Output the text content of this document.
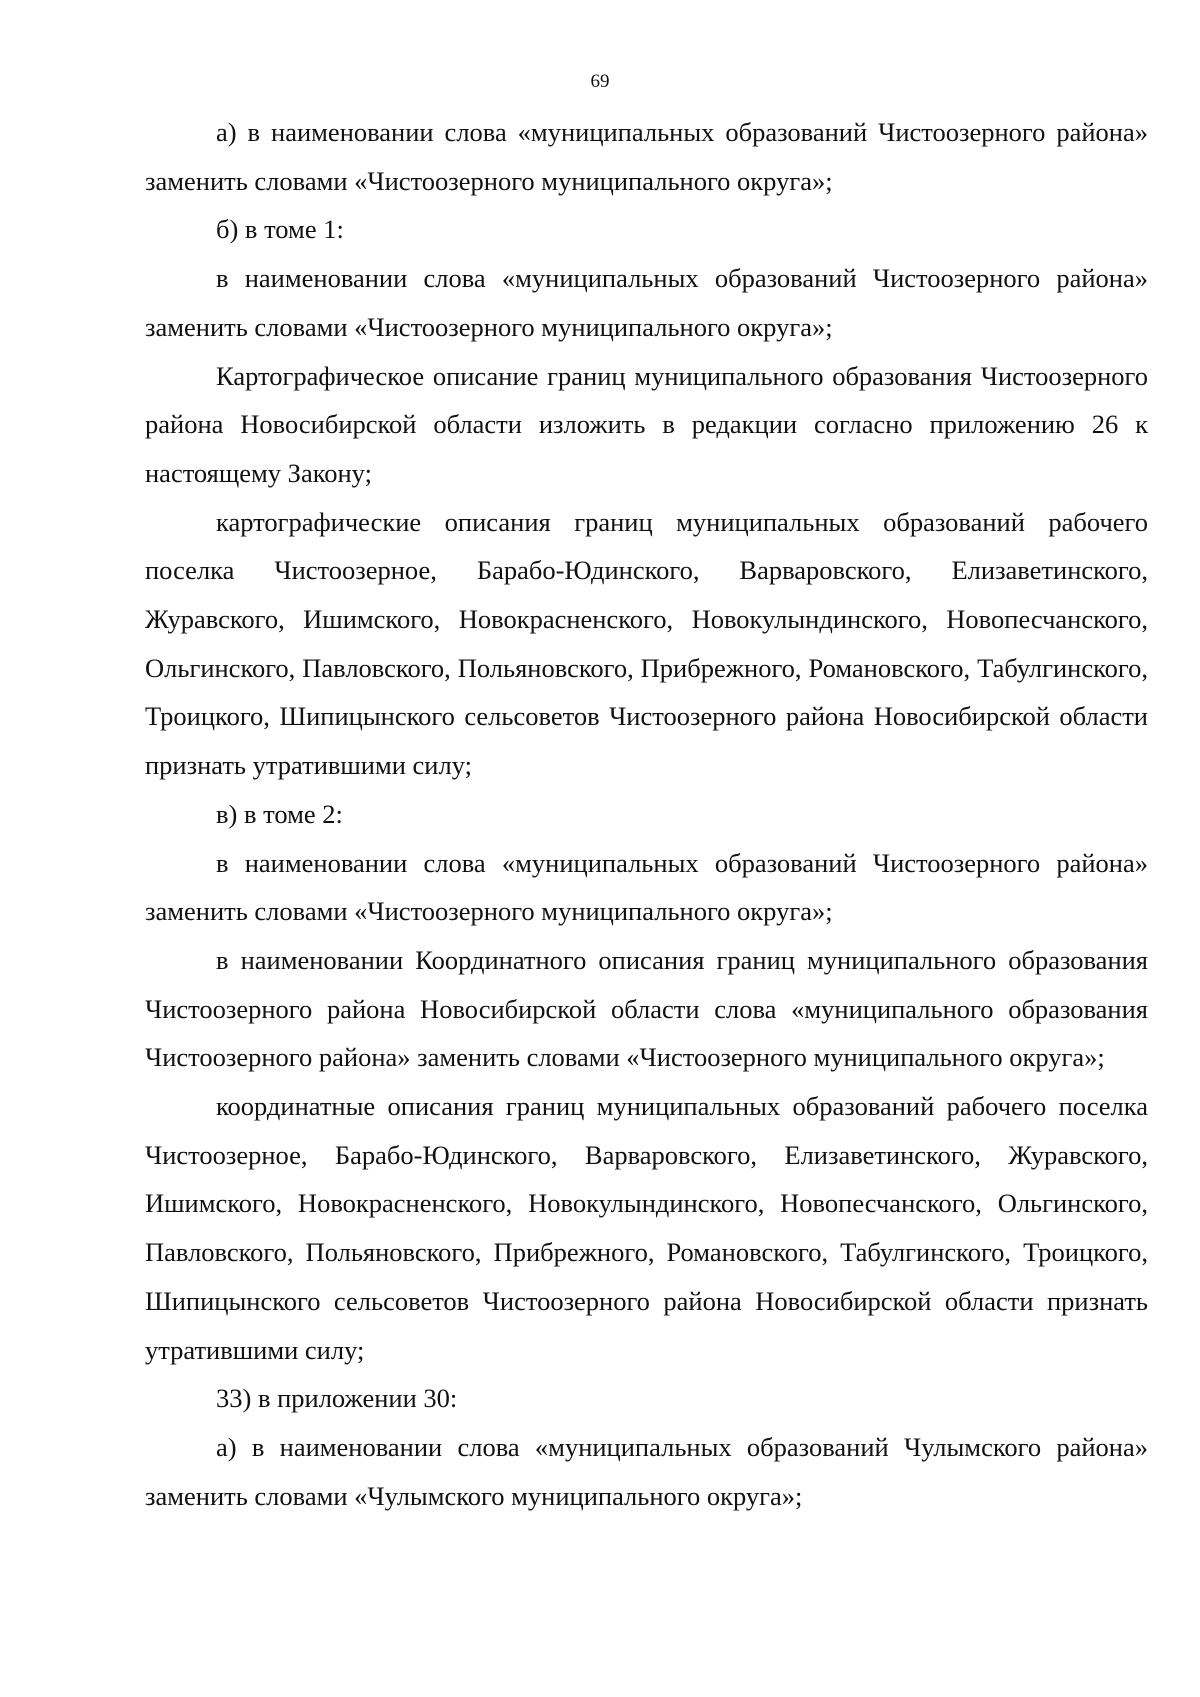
69

а) в наименовании слова «муниципальных образований Чистоозерного района» заменить словами «Чистоозерного муниципального округа»;

б) в томе 1:

в наименовании слова «муниципальных образований Чистоозерного района» заменить словами «Чистоозерного муниципального округа»;

Картографическое описание границ муниципального образования Чистоозерного района Новосибирской области изложить в редакции согласно приложению 26 к настоящему Закону;

картографические описания границ муниципальных образований рабочего поселка Чистоозерное, Барабо-Юдинского, Варваровского, Елизаветинского, Журавского, Ишимского, Новокрасненского, Новокулындинского, Новопесчанского, Ольгинского, Павловского, Польяновского, Прибрежного, Романовского, Табулгинского, Троицкого, Шипицынского сельсоветов Чистоозерного района Новосибирской области признать утратившими силу;

в) в томе 2:

в наименовании слова «муниципальных образований Чистоозерного района» заменить словами «Чистоозерного муниципального округа»;

в наименовании Координатного описания границ муниципального образования Чистоозерного района Новосибирской области слова «муниципального образования Чистоозерного района» заменить словами «Чистоозерного муниципального округа»;

координатные описания границ муниципальных образований рабочего поселка Чистоозерное, Барабо-Юдинского, Варваровского, Елизаветинского, Журавского, Ишимского, Новокрасненского, Новокулындинского, Новопесчанского, Ольгинского, Павловского, Польяновского, Прибрежного, Романовского, Табулгинского, Троицкого, Шипицынского сельсоветов Чистоозерного района Новосибирской области признать утратившими силу;

33) в приложении 30:

а) в наименовании слова «муниципальных образований Чулымского района» заменить словами «Чулымского муниципального округа»;
